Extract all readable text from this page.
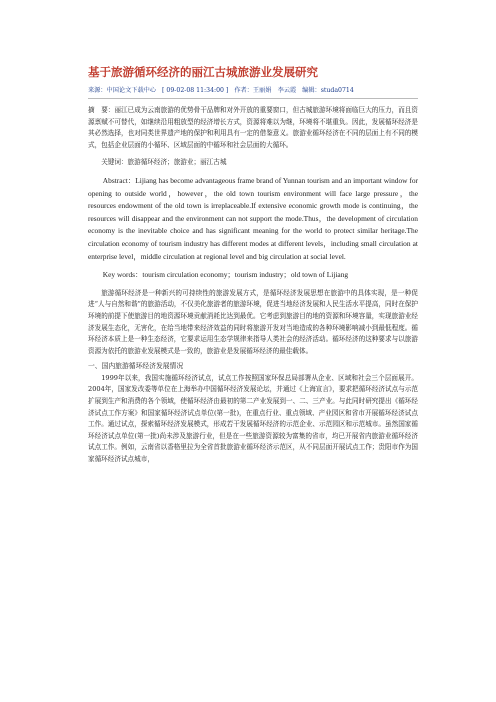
基于旅游循环经济的丽江古城旅游业发展研究
来源：中国论文下载中心 [ 09-02-08 11:34:00 ] 作者：王丽娟　李云霞 编辑：studa0714

摘　要：丽江已成为云南旅游的优势骨干品牌和对外开放的重要窗口，但古城旅游环境将面临巨大的压力，而且资源禀赋不可替代，如继续沿用粗放型的经济增长方式，资源将难以为继，环境将不堪重负。因此，发展循环经济是其必然选择，也对同类世界遗产地的保护和利用具有一定的借鉴意义。旅游业循环经济在不同的层面上有不同的模式，包括企业层面的小循环、区域层面的中循环和社会层面的大循环。

关键词：旅游循环经济；旅游业；丽江古城

Abstract：Lijiang has become advantageous frame brand of Yunnan tourism and an important window for opening to outside world，however，the old town tourism environment will face large pressure，the resources endowment of the old town is irreplaceable.If extensive economic growth mode is continuing，the resources will disappear and the environment can not support the mode.Thus，the development of circulation economy is the inevitable choice and has significant meaning for the world to protect similar heritage.The circulation economy of tourism industry has different modes at different levels，including small circulation at enterprise level，middle circulation at regional level and big circulation at social level.

Key words：tourism circulation economy；tourism industry；old town of Lijiang

旅游循环经济是一种新兴的可持续性的旅游发展方式，是循环经济发展思想在旅游中的具体实现，是一种促进“人与自然和谐”的旅游活动，不仅美化旅游者的旅游环境，促进当地经济发展和人民生活水平提高，同时在保护环境的前提下使旅游目的地资源环境贡献消耗比达到最优。它考虑到旅游目的地的资源和环境容量，实现旅游业经济发展生态化，无害化，在给当地带来经济效益的同时将旅游开发对当地造成的各种环境影响减小到最低程度。循环经济本质上是一种生态经济，它要求运用生态学规律来指导人类社会的经济活动。循环经济的这种要求与以旅游资源为依托的旅游业发展模式是一致的，旅游业是发展循环经济的最佳载体。

一、国内旅游循环经济发展情况

1999年以来，我国实施循环经济试点，试点工作按照国家环保总局部署从企业、区域和社会三个层面展开。2004年，国家发改委等单位在上海举办中国循环经济发展论坛，并通过《上海宣言》，要求把循环经济试点与示范扩展到生产和消费的各个领域，使循环经济由最初的第二产业发展到一、二、三产业。与此同时研究提出《循环经济试点工作方案》和国家循环经济试点单位(第一批)，在重点行业、重点领域、产业园区和省市开展循环经济试点工作。通过试点，探索循环经济发展模式，形成若干发展循环经济的示范企业、示范园区和示范城市。虽然国家循环经济试点单位(第一批)尚未涉及旅游行业，但是在一些旅游资源较为富集的省市，均已开展省内旅游业循环经济试点工作。例如，云南省以香格里拉为全省首批旅游业循环经济示范区，从不同层面开展试点工作；贵阳市作为国家循环经济试点城市，
